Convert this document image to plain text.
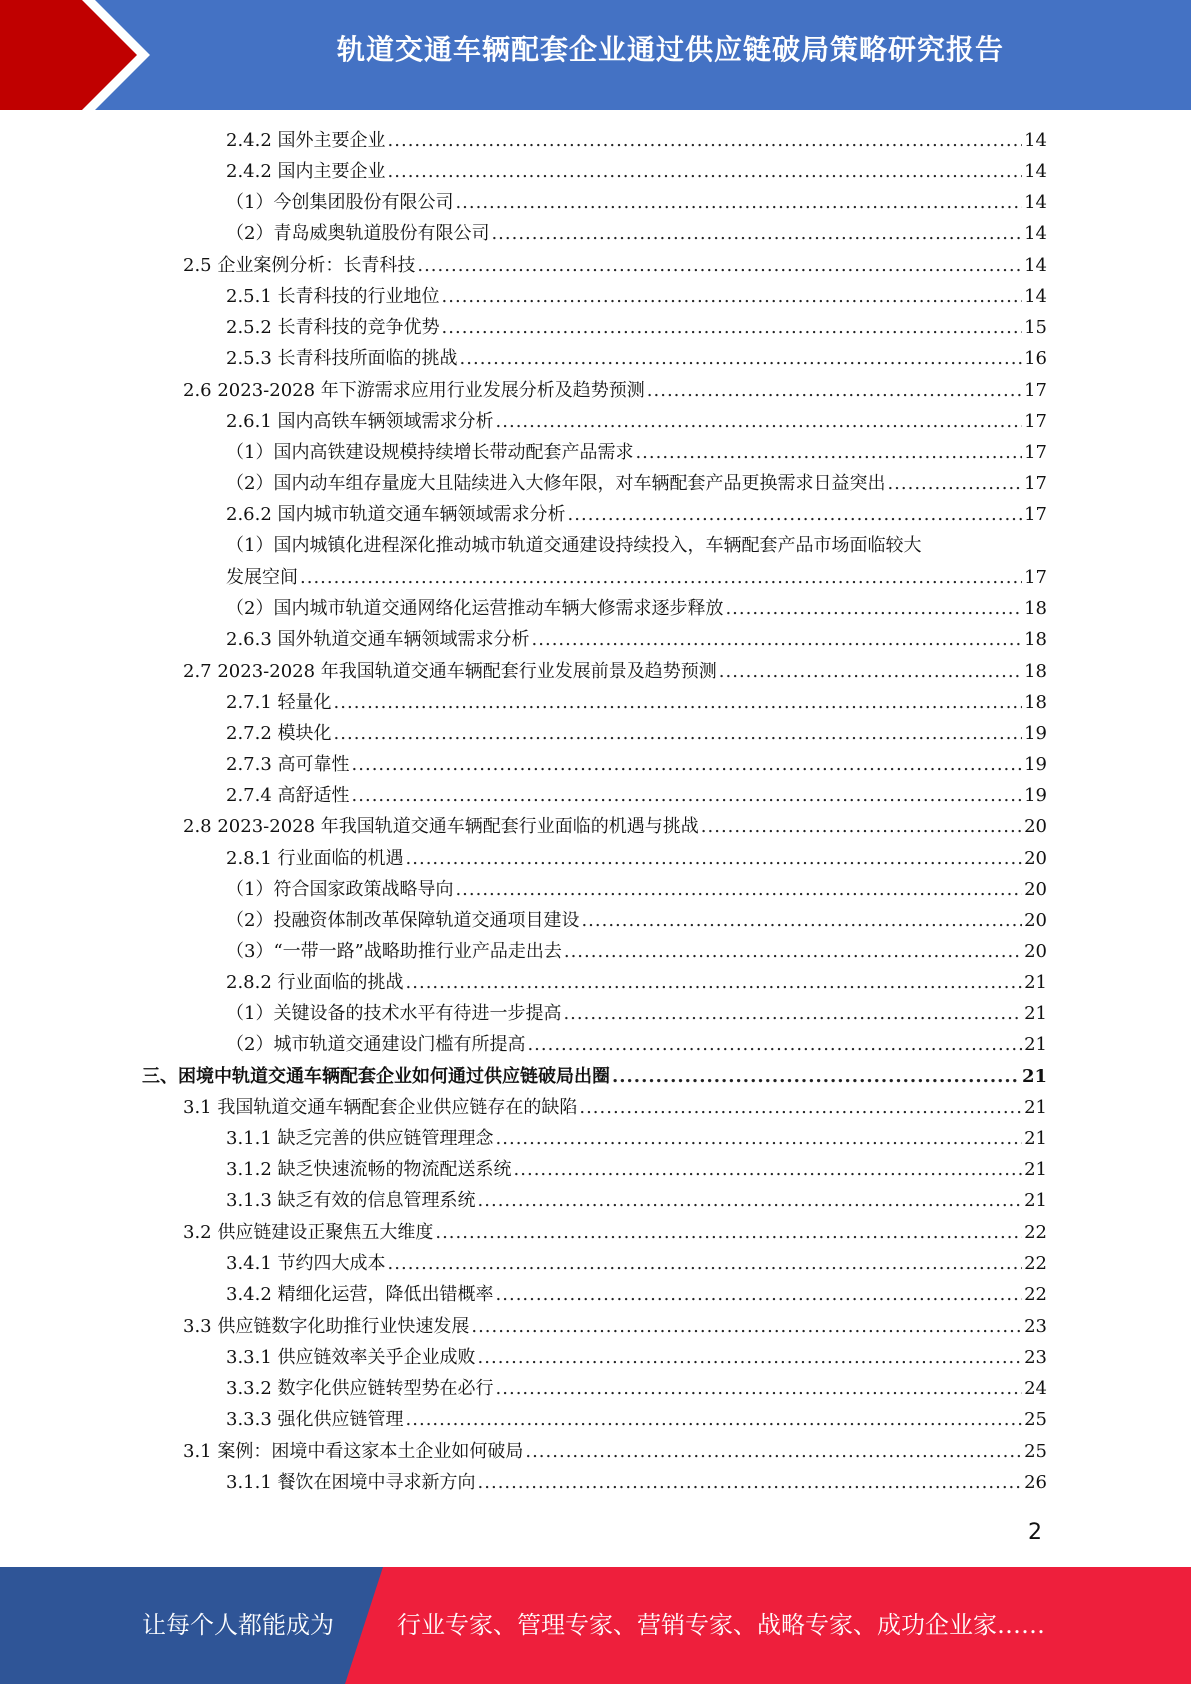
轨道交通车辆配套企业通过供应链破局策略研究报告
2.4.2 国外主要企业 .....	14
2.4.2 国内主要企业 .....	14
（1）今创集团股份有限公司 .....	14
（2）青岛威奥轨道股份有限公司 .....	14
2.5 企业案例分析：长青科技 .....	14
2.5.1 长青科技的行业地位 .....	14
2.5.2 长青科技的竞争优势 .....	15
2.5.3 长青科技所面临的挑战 .....	16
2.6 2023-2028 年下游需求应用行业发展分析及趋势预测 .....	17
2.6.1 国内高铁车辆领域需求分析 .....	17
（1）国内高铁建设规模持续增长带动配套产品需求 .....	17
（2）国内动车组存量庞大且陆续进入大修年限，对车辆配套产品更换需求日益突出 .....	17
2.6.2 国内城市轨道交通车辆领域需求分析 .....	17
（1）国内城镇化进程深化推动城市轨道交通建设持续投入，车辆配套产品市场面临较大
发展空间 .....	17
（2）国内城市轨道交通网络化运营推动车辆大修需求逐步释放 .....	18
2.6.3 国外轨道交通车辆领域需求分析 .....	18
2.7 2023-2028 年我国轨道交通车辆配套行业发展前景及趋势预测 .....	18
2.7.1 轻量化 .....	18
2.7.2 模块化 .....	19
2.7.3 高可靠性 .....	19
2.7.4 高舒适性 .....	19
2.8 2023-2028 年我国轨道交通车辆配套行业面临的机遇与挑战 .....	20
2.8.1 行业面临的机遇 .....	20
（1）符合国家政策战略导向 .....	20
（2）投融资体制改革保障轨道交通项目建设 .....	20
（3）“一带一路”战略助推行业产品走出去 .....	20
2.8.2 行业面临的挑战 .....	21
（1）关键设备的技术水平有待进一步提高 .....	21
（2）城市轨道交通建设门槛有所提高 .....	21
三、困境中轨道交通车辆配套企业如何通过供应链破局出圈 .....	21
3.1 我国轨道交通车辆配套企业供应链存在的缺陷 .....	21
3.1.1 缺乏完善的供应链管理理念 .....	21
3.1.2 缺乏快速流畅的物流配送系统 .....	21
3.1.3 缺乏有效的信息管理系统 .....	21
3.2 供应链建设正聚焦五大维度 .....	22
3.4.1 节约四大成本 .....	22
3.4.2 精细化运营，降低出错概率 .....	22
3.3 供应链数字化助推行业快速发展 .....	23
3.3.1 供应链效率关乎企业成败 .....	23
3.3.2 数字化供应链转型势在必行 .....	24
3.3.3 强化供应链管理 .....	25
3.1 案例：困境中看这家本土企业如何破局 .....	25
3.1.1 餐饮在困境中寻求新方向 .....	26
2
让每个人都能成为	行业专家、管理专家、营销专家、战略专家、成功企业家……
